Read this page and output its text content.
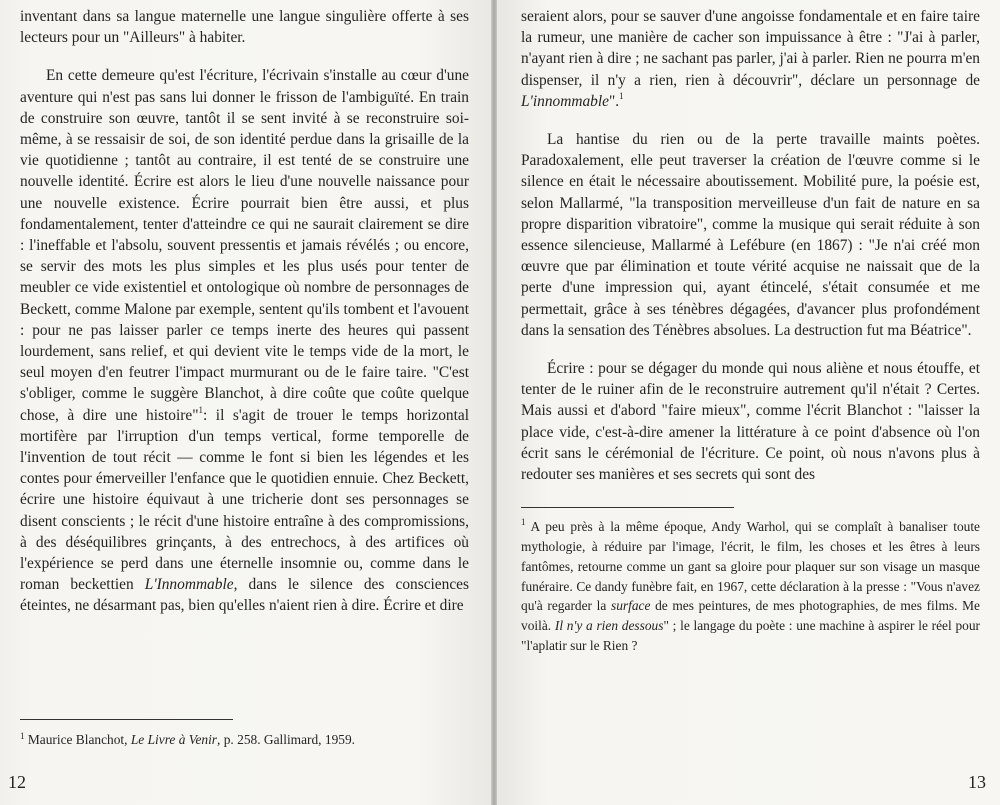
inventant dans sa langue maternelle une langue singulière offerte à ses lecteurs pour un "Ailleurs" à habiter.

En cette demeure qu'est l'écriture, l'écrivain s'installe au cœur d'une aventure qui n'est pas sans lui donner le frisson de l'ambiguïté. En train de construire son œuvre, tantôt il se sent invité à se reconstruire soi-même, à se ressaisir de soi, de son identité perdue dans la grisaille de la vie quotidienne ; tantôt au contraire, il est tenté de se construire une nouvelle identité. Écrire est alors le lieu d'une nouvelle naissance pour une nouvelle existence. Écrire pourrait bien être aussi, et plus fondamentalement, tenter d'atteindre ce qui ne saurait clairement se dire : l'ineffable et l'absolu, souvent pressentis et jamais révélés ; ou encore, se servir des mots les plus simples et les plus usés pour tenter de meubler ce vide existentiel et ontologique où nombre de personnages de Beckett, comme Malone par exemple, sentent qu'ils tombent et l'avouent : pour ne pas laisser parler ce temps inerte des heures qui passent lourdement, sans relief, et qui devient vite le temps vide de la mort, le seul moyen d'en feutrer l'impact murmurant ou de le faire taire. "C'est s'obliger, comme le suggère Blanchot, à dire coûte que coûte quelque chose, à dire une histoire"$^1$: il s'agit de trouer le temps horizontal mortifère par l'irruption d'un temps vertical, forme temporelle de l'invention de tout récit — comme le font si bien les légendes et les contes pour émerveiller l'enfance que le quotidien ennuie. Chez Beckett, écrire une histoire équivaut à une tricherie dont ses personnages se disent conscients ; le récit d'une histoire entraîne à des compromissions, à des déséquilibres grinçants, à des entrechocs, à des artifices où l'expérience se perd dans une éternelle insomnie ou, comme dans le roman beckettien L'Innommable, dans le silence des consciences éteintes, ne désarmant pas, bien qu'elles n'aient rien à dire. Écrire et dire

$^1$ Maurice Blanchot, Le Livre à Venir, p. 258. Gallimard, 1959.
12

seraient alors, pour se sauver d'une angoisse fondamentale et en faire taire la rumeur, une manière de cacher son impuissance à être : "J'ai à parler, n'ayant rien à dire ; ne sachant pas parler, j'ai à parler. Rien ne pourra m'en dispenser, il n'y a rien, rien à découvrir", déclare un personnage de L'innommable".$^1$

La hantise du rien ou de la perte travaille maints poètes. Paradoxalement, elle peut traverser la création de l'œuvre comme si le silence en était le nécessaire aboutissement. Mobilité pure, la poésie est, selon Mallarmé, "la transposition merveilleuse d'un fait de nature en sa propre disparition vibratoire", comme la musique qui serait réduite à son essence silencieuse, Mallarmé à Lefébure (en 1867) : "Je n'ai créé mon œuvre que par élimination et toute vérité acquise ne naissait que de la perte d'une impression qui, ayant étincelé, s'était consumée et me permettait, grâce à ses ténèbres dégagées, d'avancer plus profondément dans la sensation des Ténèbres absolues. La destruction fut ma Béatrice".

Écrire : pour se dégager du monde qui nous aliène et nous étouffe, et tenter de le ruiner afin de le reconstruire autrement qu'il n'était ? Certes. Mais aussi et d'abord "faire mieux", comme l'écrit Blanchot : "laisser la place vide, c'est-à-dire amener la littérature à ce point d'absence où l'on écrit sans le cérémonial de l'écriture. Ce point, où nous n'avons plus à redouter ses manières et ses secrets qui sont des

$^1$ A peu près à la même époque, Andy Warhol, qui se complaît à banaliser toute mythologie, à réduire par l'image, l'écrit, le film, les choses et les êtres à leurs fantômes, retourne comme un gant sa gloire pour plaquer sur son visage un masque funéraire. Ce dandy funèbre fait, en 1967, cette déclaration à la presse : "Vous n'avez qu'à regarder la surface de mes peintures, de mes photographies, de mes films. Me voilà. Il n'y a rien dessous" ; le langage du poète : une machine à aspirer le réel pour "l'aplatir sur le Rien ?
13
